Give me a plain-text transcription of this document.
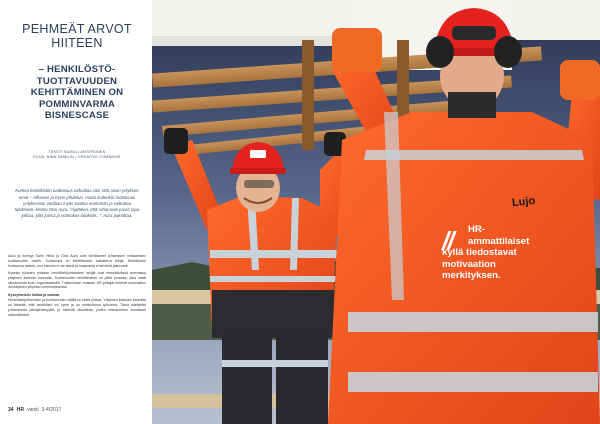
PEHMEÄT ARVOT HIITEEN
– HENKILÖSTÖ-TUOTTAVUUDEN KEHITTÄMINEN ON POMMINVARMA BISNESCASE
TEKSTI SAMULI ANTERONEN
KUVA: NINA SAMILIN / CREATIVE COMMONS

Korkea henkilöstön tuottavuus tarkoittaa sitä, että aivan yrityksen omat – Alhaisen ja hyvin johdetun, mutta kuitenkin tuottavuus yrityksessä, voidaan myös tuottaa enemmän ja vaikuttaa tulokseen, kertoo Ossi Aura. “Ajattelen, että rahat ovat paras tapa johtaa, jolla joissa ja voimakas tuloksiin...”, Aura painottaa.

Aura ja kollega Sami Heus ja Ossi Aura ovat kehittäneet johtamisen mittaamisen tuottavuuden mallin. Tuottavuus on kehittämisen ratkaiseva tekijä. Henkilöstön tuottavuus laskee, kun esimies ei ole läsnä ja osaamista ei kehitetä jatkuvasti.

Kyselyn tulosten mukaan henkilöstöjohtamisen tekijät ovat merkittävässä asemassa yrityksen tuloksen kannalta. Tuottavuuden kehittäminen on pitkä prosessi, joka vaatii sitoutumista koko organisaatiolta. Tutkimuksen mukaan HR-johtajat tietävät motivaation merkityksen yrityksen menestyksessä.

Kyseyhteisön hoitoa ja voimaa

Henkilöstöjohtamisen ja tuottavuuden välillä on selvä yhteys. Yrityksen tuloksen kannalta on tärkeää, että henkilöstö voi hyvin ja on motivoitunut työhönsä. Tämä edellyttää johtamiselta pitkäjänteisyyttä ja selkeitä tavoitteita, joiden toteutumista seurataan säännöllisesti.

34 HR viesti 3-4/2017
Lujo
// HR-
ammattilaiset
kyllä tiedostavat
motivaation
merkityksen.
